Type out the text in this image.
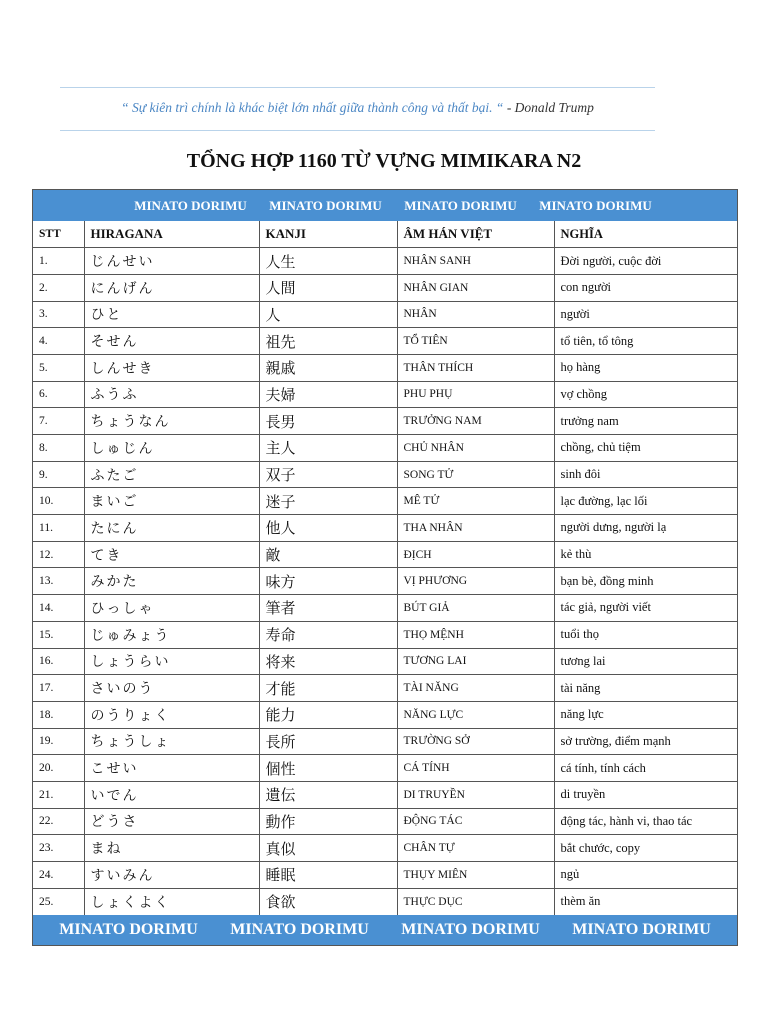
“ Sự kiên trì chính là khác biệt lớn nhất giữa thành công và thất bại. “ - Donald Trump
TỔNG HỢP 1160 TỪ VỰNG MIMIKARA N2
MINATO DORIMU	MINATO DORIMU	MINATO DORIMU	MINATO DORIMU
STT	HIRAGANA	KANJI	ÂM HÁN VIỆT	NGHĨA
1.	じんせい	人生	NHÂN SANH	Đời người, cuộc đời
2.	にんげん	人間	NHÂN GIAN	con người
3.	ひと	人	NHÂN	người
4.	そせん	祖先	TỔ TIÊN	tổ tiên, tổ tông
5.	しんせき	親戚	THÂN THÍCH	họ hàng
6.	ふうふ	夫婦	PHU PHỤ	vợ chồng
7.	ちょうなん	長男	TRƯỞNG NAM	trưởng nam
8.	しゅじん	主人	CHỦ NHÂN	chồng, chủ tiệm
9.	ふたご	双子	SONG TỬ	sinh đôi
10.	まいご	迷子	MÊ TỬ	lạc đường, lạc lối
11.	たにん	他人	THA NHÂN	người dưng, người lạ
12.	てき	敵	ĐỊCH	kẻ thù
13.	みかた	味方	VỊ PHƯƠNG	bạn bè, đồng minh
14.	ひっしゃ	筆者	BÚT GIẢ	tác giả, người viết
15.	じゅみょう	寿命	THỌ MỆNH	tuổi thọ
16.	しょうらい	将来	TƯƠNG LAI	tương lai
17.	さいのう	才能	TÀI NĂNG	tài năng
18.	のうりょく	能力	NĂNG LỰC	năng lực
19.	ちょうしょ	長所	TRƯỜNG SỞ	sở trường, điểm mạnh
20.	こせい	個性	CÁ TÍNH	cá tính, tính cách
21.	いでん	遺伝	DI TRUYỀN	di truyền
22.	どうさ	動作	ĐỘNG TÁC	động tác, hành vi, thao tác
23.	まね	真似	CHÂN TỰ	bắt chước, copy
24.	すいみん	睡眠	THỤY MIÊN	ngủ
25.	しょくよく	食欲	THỰC DỤC	thèm ăn
MINATO DORIMU MINATO DORIMU MINATO DORIMU MINATO DORIMU
